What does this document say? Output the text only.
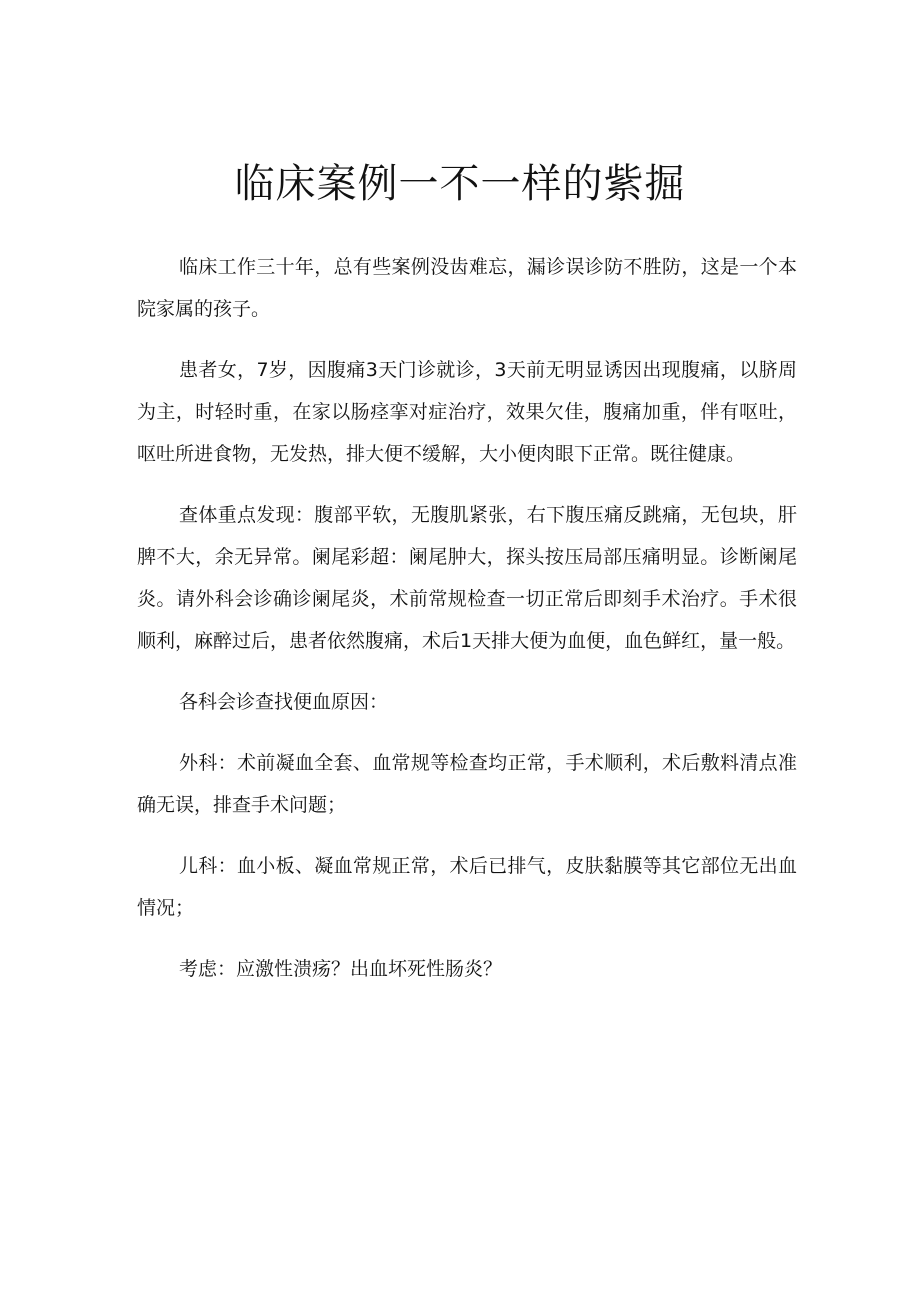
临床案例一不一样的紫掘

临床工作三十年，总有些案例没齿难忘，漏诊误诊防不胜防，这是一个本院家属的孩子。

患者女，7岁，因腹痛3天门诊就诊，3天前无明显诱因出现腹痛，以脐周为主，时轻时重，在家以肠痉挛对症治疗，效果欠佳，腹痛加重，伴有呕吐，呕吐所进食物，无发热，排大便不缓解，大小便肉眼下正常。既往健康。

查体重点发现：腹部平软，无腹肌紧张，右下腹压痛反跳痛，无包块，肝脾不大，余无异常。阑尾彩超：阑尾肿大，探头按压局部压痛明显。诊断阑尾炎。请外科会诊确诊阑尾炎，术前常规检查一切正常后即刻手术治疗。手术很顺利，麻醉过后，患者依然腹痛，术后1天排大便为血便，血色鲜红，量一般。

各科会诊查找便血原因：

外科：术前凝血全套、血常规等检查均正常，手术顺利，术后敷料清点准确无误，排查手术问题；

儿科：血小板、凝血常规正常，术后已排气，皮肤黏膜等其它部位无出血情况；

考虑：应激性溃疡？出血坏死性肠炎？
